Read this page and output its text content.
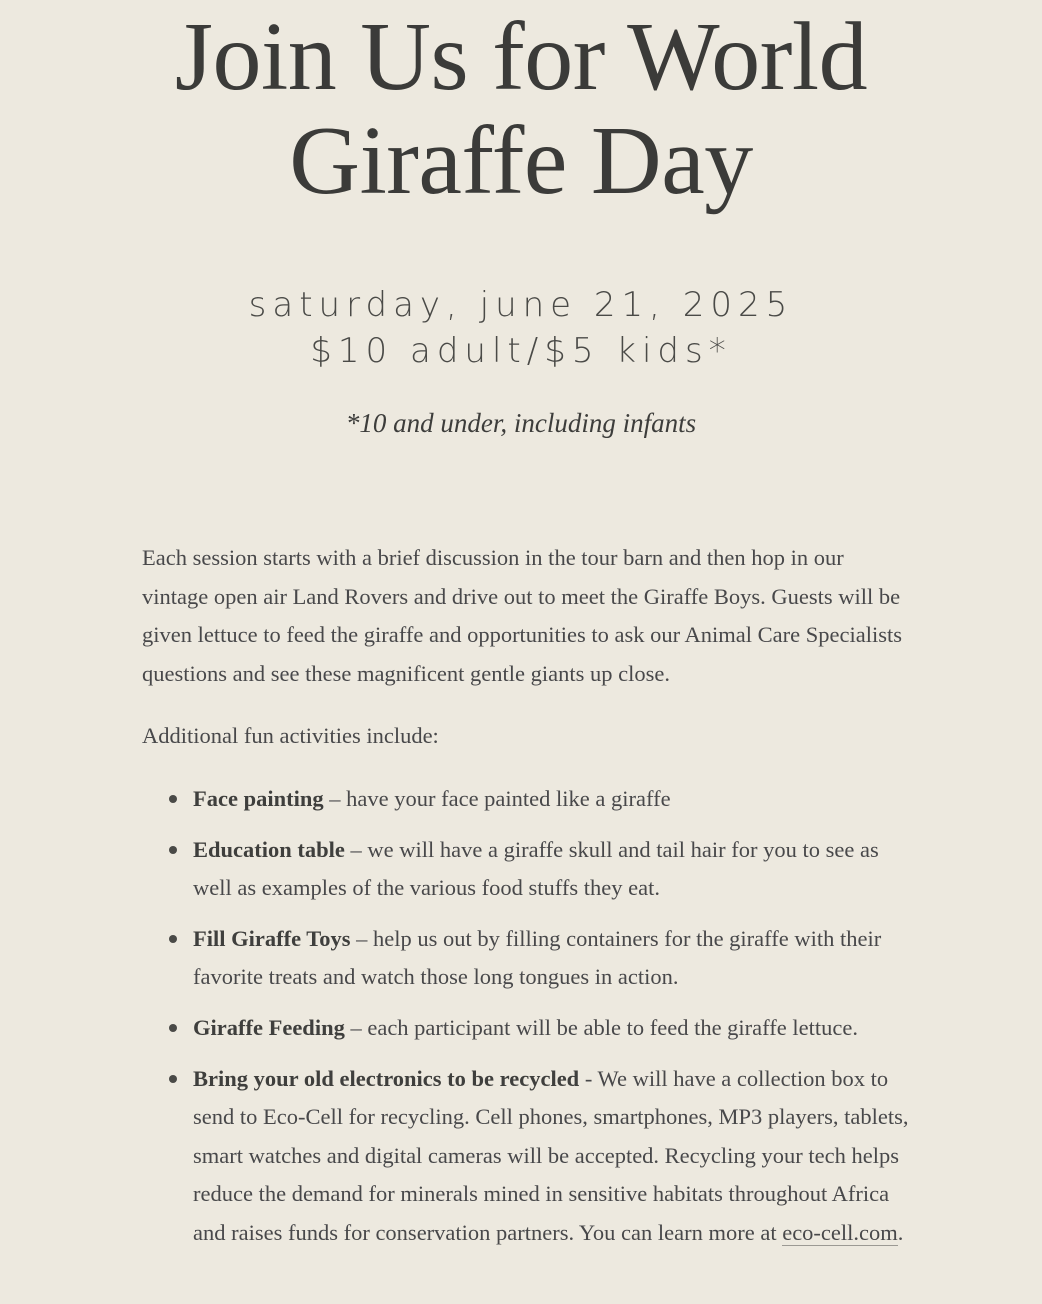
Join Us for World
Giraffe Day
saturday, june 21, 2025
$10 adult/$5 kids*
*10 and under, including infants

Each session starts with a brief discussion in the tour barn and then hop in our vintage open air Land Rovers and drive out to meet the Giraffe Boys. Guests will be given lettuce to feed the giraffe and opportunities to ask our Animal Care Specialists questions and see these magnificent gentle giants up close.

Additional fun activities include:

Face painting – have your face painted like a giraffe
Education table – we will have a giraffe skull and tail hair for you to see as well as examples of the various food stuffs they eat.
Fill Giraffe Toys – help us out by filling containers for the giraffe with their favorite treats and watch those long tongues in action.
Giraffe Feeding – each participant will be able to feed the giraffe lettuce.
Bring your old electronics to be recycled - We will have a collection box to send to Eco-Cell for recycling. Cell phones, smartphones, MP3 players, tablets, smart watches and digital cameras will be accepted. Recycling your tech helps reduce the demand for minerals mined in sensitive habitats throughout Africa and raises funds for conservation partners. You can learn more at eco-cell.com.
